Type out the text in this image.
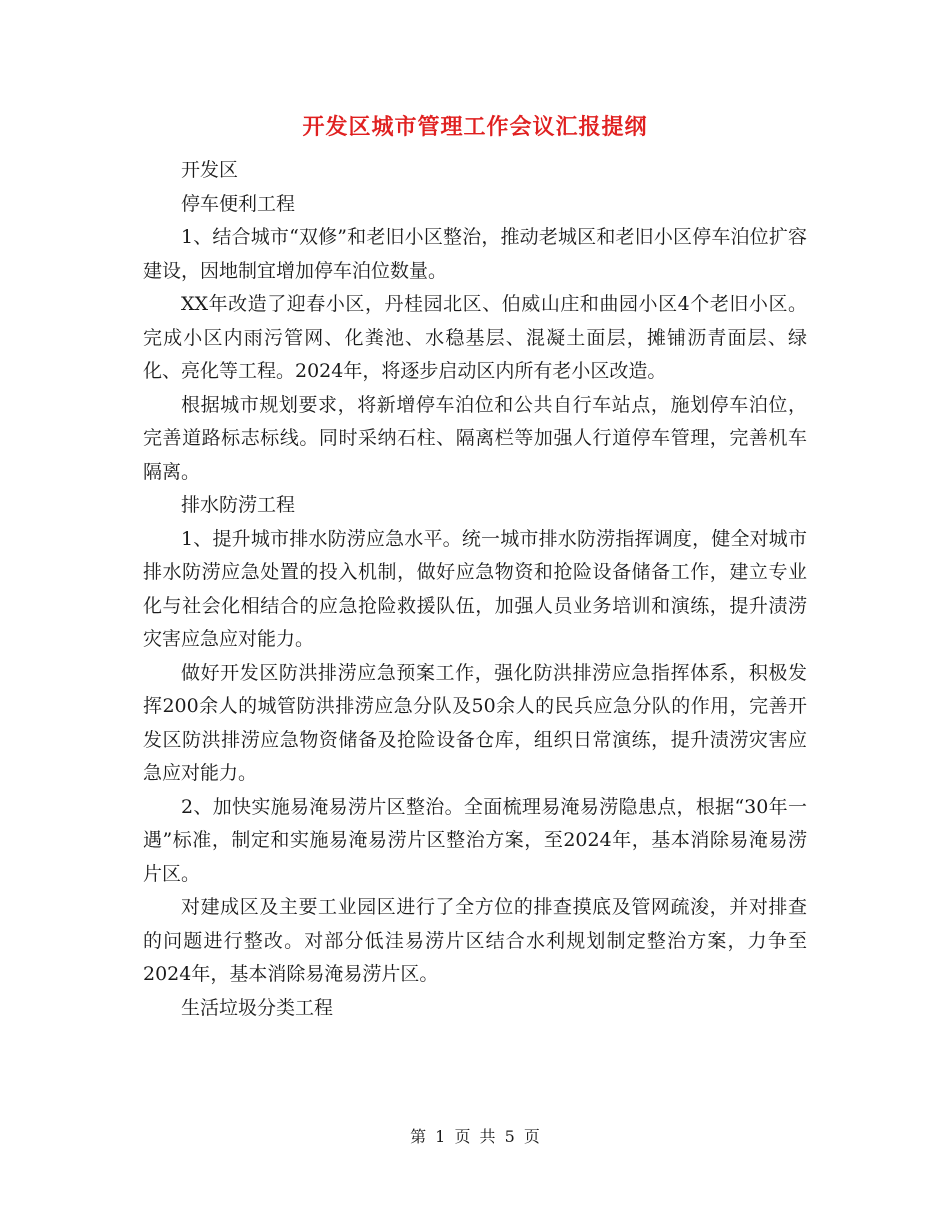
开发区城市管理工作会议汇报提纲

开发区

停车便利工程

1、结合城市“双修”和老旧小区整治，推动老城区和老旧小区停车泊位扩容建设，因地制宜增加停车泊位数量。

XX年改造了迎春小区，丹桂园北区、伯威山庄和曲园小区4个老旧小区。完成小区内雨污管网、化粪池、水稳基层、混凝土面层，摊铺沥青面层、绿化、亮化等工程。2024年，将逐步启动区内所有老小区改造。

根据城市规划要求，将新增停车泊位和公共自行车站点，施划停车泊位，完善道路标志标线。同时采纳石柱、隔离栏等加强人行道停车管理，完善机车隔离。

排水防涝工程

1、提升城市排水防涝应急水平。统一城市排水防涝指挥调度，健全对城市排水防涝应急处置的投入机制，做好应急物资和抢险设备储备工作，建立专业化与社会化相结合的应急抢险救援队伍，加强人员业务培训和演练，提升渍涝灾害应急应对能力。

做好开发区防洪排涝应急预案工作，强化防洪排涝应急指挥体系，积极发挥200余人的城管防洪排涝应急分队及50余人的民兵应急分队的作用，完善开发区防洪排涝应急物资储备及抢险设备仓库，组织日常演练，提升渍涝灾害应急应对能力。

2、加快实施易淹易涝片区整治。全面梳理易淹易涝隐患点，根据“30年一遇”标准，制定和实施易淹易涝片区整治方案，至2024年，基本消除易淹易涝片区。

对建成区及主要工业园区进行了全方位的排查摸底及管网疏浚，并对排查的问题进行整改。对部分低洼易涝片区结合水利规划制定整治方案，力争至2024年，基本消除易淹易涝片区。

生活垃圾分类工程

第 1 页 共 5 页
